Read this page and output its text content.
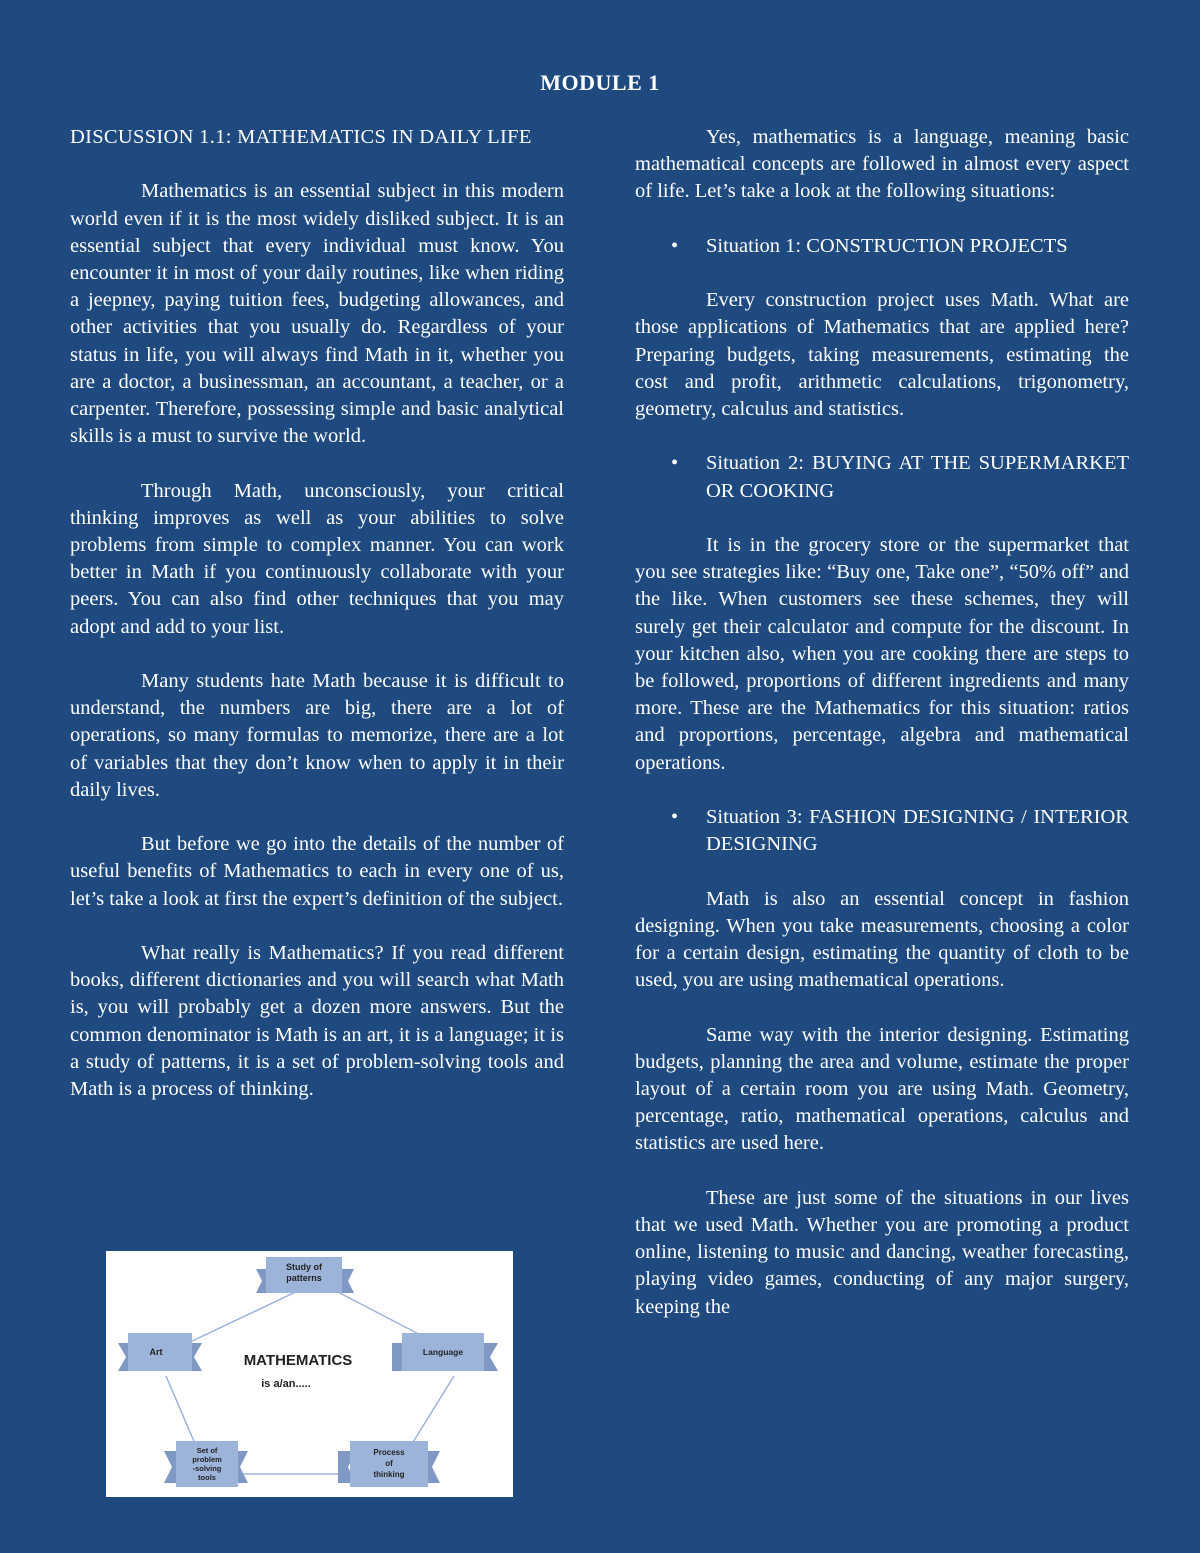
MODULE 1

DISCUSSION 1.1: MATHEMATICS IN DAILY LIFE

Mathematics is an essential subject in this modern world even if it is the most widely disliked subject. It is an essential subject that every individual must know. You encounter it in most of your daily routines, like when riding a jeepney, paying tuition fees, budgeting allowances, and other activities that you usually do. Regardless of your status in life, you will always find Math in it, whether you are a doctor, a businessman, an accountant, a teacher, or a carpenter. Therefore, possessing simple and basic analytical skills is a must to survive the world.

Through Math, unconsciously, your critical thinking improves as well as your abilities to solve problems from simple to complex manner. You can work better in Math if you continuously collaborate with your peers. You can also find other techniques that you may adopt and add to your list.

Many students hate Math because it is difficult to understand, the numbers are big, there are a lot of operations, so many formulas to memorize, there are a lot of variables that they don’t know when to apply it in their daily lives.

But before we go into the details of the number of useful benefits of Mathematics to each in every one of us, let’s take a look at first the expert’s definition of the subject.

What really is Mathematics? If you read different books, different dictionaries and you will search what Math is, you will probably get a dozen more answers. But the common denominator is Math is an art, it is a language; it is a study of patterns, it is a set of problem-solving tools and Math is a process of thinking.

Study of
patterns
Art	Language
Set of
problem
-solving
tools
Process
of
thinking
MATHEMATICS
is a/an.....

Yes, mathematics is a language, meaning basic mathematical concepts are followed in almost every aspect of life. Let’s take a look at the following situations:

• Situation 1: CONSTRUCTION PROJECTS

Every construction project uses Math. What are those applications of Mathematics that are applied here? Preparing budgets, taking measurements, estimating the cost and profit, arithmetic calculations, trigonometry, geometry, calculus and statistics.

• Situation 2: BUYING AT THE SUPERMARKET OR COOKING

It is in the grocery store or the supermarket that you see strategies like: “Buy one, Take one”, “50% off” and the like. When customers see these schemes, they will surely get their calculator and compute for the discount. In your kitchen also, when you are cooking there are steps to be followed, proportions of different ingredients and many more. These are the Mathematics for this situation: ratios and proportions, percentage, algebra and mathematical operations.

• Situation 3: FASHION DESIGNING / INTERIOR DESIGNING

Math is also an essential concept in fashion designing. When you take measurements, choosing a color for a certain design, estimating the quantity of cloth to be used, you are using mathematical operations.

Same way with the interior designing. Estimating budgets, planning the area and volume, estimate the proper layout of a certain room you are using Math. Geometry, percentage, ratio, mathematical operations, calculus and statistics are used here.

These are just some of the situations in our lives that we used Math. Whether you are promoting a product online, listening to music and dancing, weather forecasting, playing video games, conducting of any major surgery, keeping the
